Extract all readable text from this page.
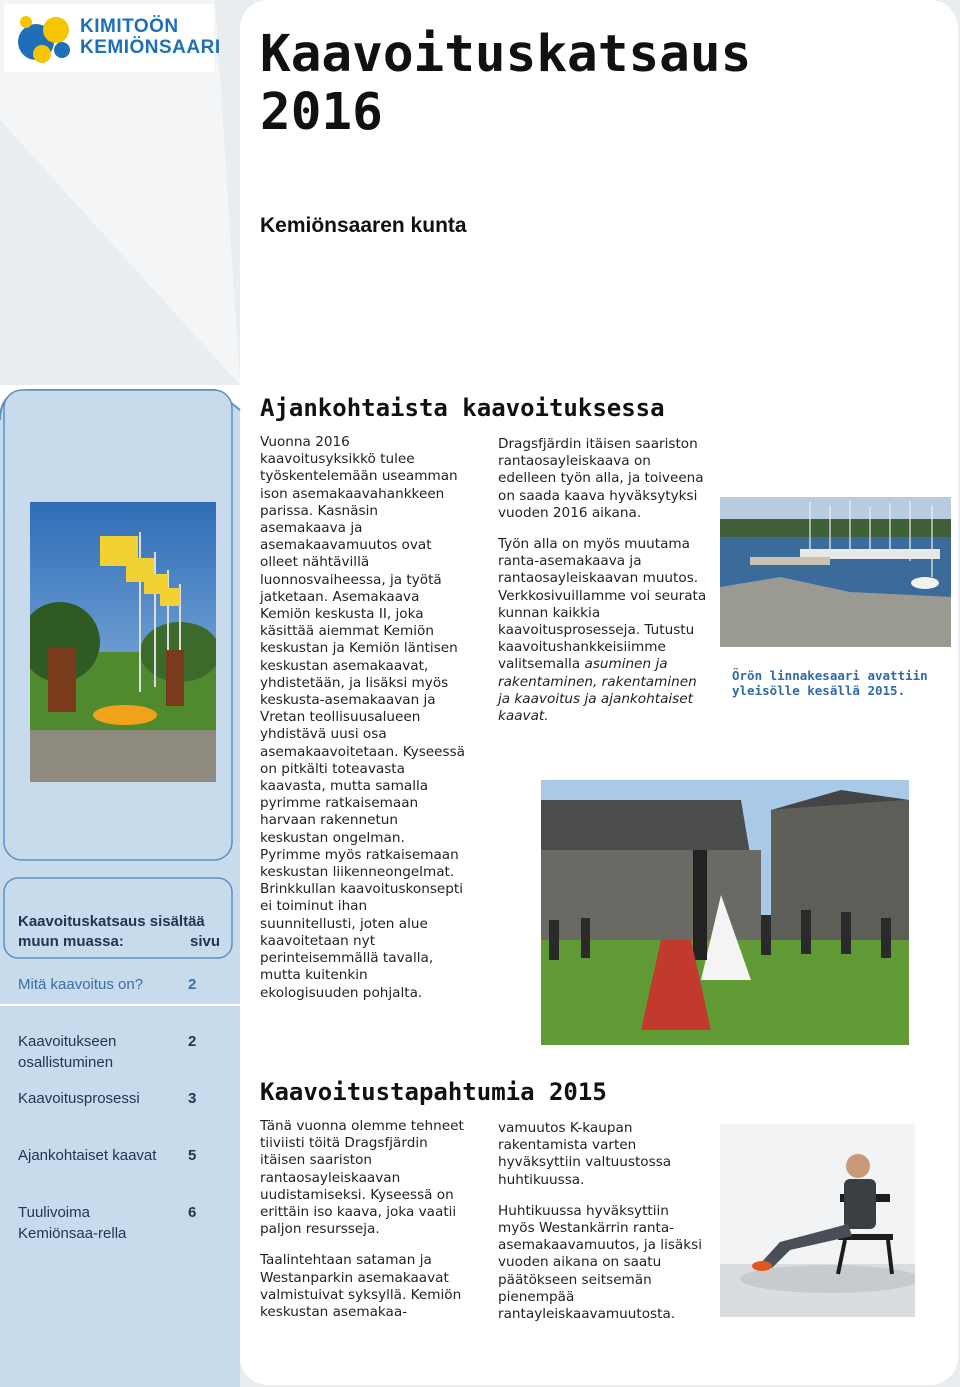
KIMITOÖN
KEMIÖNSAARI Kaavoituskatsaus
2016
Kemiönsaaren kunta
Kaavoituskatsaus sisältää
muun muassa:	sivu
Mitä kaavoitus on?	2
Kaavoitukseen osallistuminen
2
Kaavoitusprosessi	3
Ajankohtaiset kaavat 5
Tuulivoima Kemiönsaa-rella
6
Ajankohtaista kaavoituksessa

Vuonna 2016 kaavoitusyksikkö tulee työskentelemään useamman ison asemakaavahankkeen parissa. Kasnäsin asemakaava ja asemakaavamuutos ovat olleet nähtävillä luonnosvaiheessa, ja työtä jatketaan. Asemakaava Kemiön keskusta II, joka käsittää aiemmat Kemiön keskustan ja Kemiön läntisen keskustan asemakaavat, yhdistetään, ja lisäksi myös keskusta-asemakaavan ja Vretan teollisuusalueen yhdistävä uusi osa asemakaavoitetaan. Kyseessä on pitkälti toteavasta kaavasta, mutta samalla pyrimme ratkaisemaan harvaan rakennetun keskustan ongelman. Pyrimme myös ratkaisemaan keskustan liikenneongelmat. Brinkkullan kaavoituskonsepti ei toiminut ihan suunnitellusti, joten alue kaavoitetaan nyt perinteisemmällä tavalla, mutta kuitenkin ekologisuuden pohjalta.

Dragsfjärdin itäisen saariston rantaosayleiskaava on edelleen työn alla, ja toiveena on saada kaava hyväksytyksi vuoden 2016 aikana.

Työn alla on myös muutama ranta-asemakaava ja rantaosayleiskaavan muutos. Verkkosivuillamme voi seurata kunnan kaikkia kaavoitusprosesseja. Tutustu kaavoitushankkeisiimme valitsemalla asuminen ja rakentaminen, rakentaminen ja kaavoitus ja ajankohtaiset kaavat.

Örön linnakesaari avattiin yleisölle kesällä 2015.
Kaavoitustapahtumia 2015

Tänä vuonna olemme tehneet tiiviisti töitä Dragsfjärdin itäisen saariston rantaosayleiskaavan uudistamiseksi. Kyseessä on erittäin iso kaava, joka vaatii paljon resursseja.

Taalintehtaan sataman ja Westanparkin asemakaavat valmistuivat syksyllä. Kemiön keskustan asemakaa-

vamuutos K-kaupan rakentamista varten hyväksyttiin valtuustossa huhtikuussa.

Huhtikuussa hyväksyttiin myös Westankärrin ranta-asemakaavamuutos, ja lisäksi vuoden aikana on saatu päätökseen seitsemän pienempää rantayleiskaavamuutosta.
